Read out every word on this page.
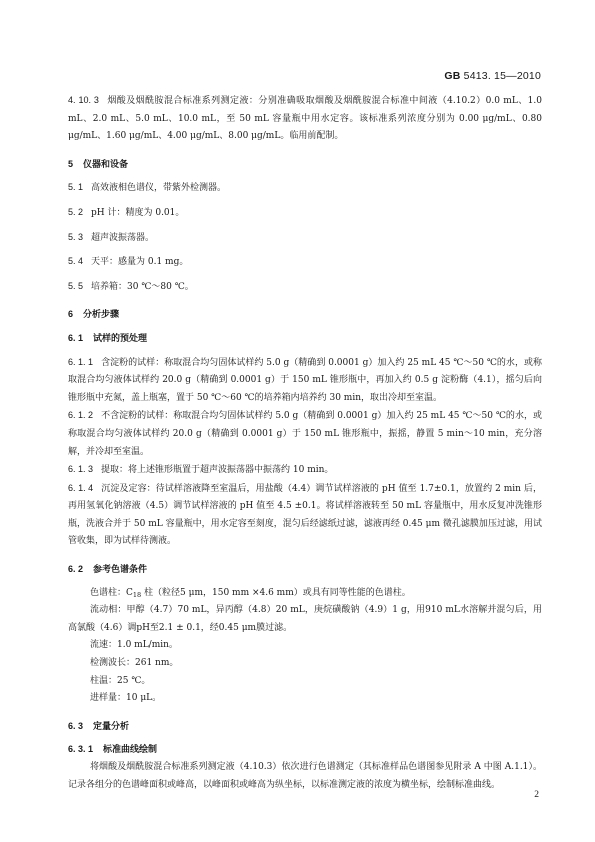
GB 5413. 15—2010

4. 10. 3 烟酸及烟酰胺混合标准系列测定液：分别准确吸取烟酸及烟酰胺混合标准中间液（4.10.2）0.0 mL、1.0 mL、2.0 mL、5.0 mL、10.0 mL，至 50 mL 容量瓶中用水定容。该标准系列浓度分别为 0.00 μg/mL、0.80 μg/mL、1.60 μg/mL、4.00 μg/mL、8.00 μg/mL。临用前配制。

5 仪器和设备

5. 1 高效液相色谱仪，带紫外检测器。

5. 2 pH 计：精度为 0.01。

5. 3 超声波振荡器。

5. 4 天平：感量为 0.1 mg。

5. 5 培养箱：30 ℃～80 ℃。

6 分析步骤

6. 1 试样的预处理

6. 1. 1 含淀粉的试样：称取混合均匀固体试样约 5.0 g（精确到 0.0001 g）加入约 25 mL 45 ℃～50 ℃的水，或称取混合均匀液体试样约 20.0 g（精确到 0.0001 g）于 150 mL 锥形瓶中，再加入约 0.5 g 淀粉酶（4.1），摇匀后向锥形瓶中充氮，盖上瓶塞，置于 50 ℃～60 ℃的培养箱内培养约 30 min，取出冷却至室温。

6. 1. 2 不含淀粉的试样：称取混合均匀固体试样约 5.0 g（精确到 0.0001 g）加入约 25 mL 45 ℃～50 ℃的水，或称取混合均匀液体试样约 20.0 g（精确到 0.0001 g）于 150 mL 锥形瓶中，振摇，静置 5 min～10 min，充分溶解，并冷却至室温。

6. 1. 3 提取：将上述锥形瓶置于超声波振荡器中振荡约 10 min。

6. 1. 4 沉淀及定容：待试样溶液降至室温后，用盐酸（4.4）调节试样溶液的 pH 值至 1.7±0.1，放置约 2 min 后，再用氢氧化钠溶液（4.5）调节试样溶液的 pH 值至 4.5 ±0.1。将试样溶液转至 50 mL 容量瓶中，用水反复冲洗锥形瓶，洗液合并于 50 mL 容量瓶中，用水定容至刻度，混匀后经滤纸过滤，滤液再经 0.45 μm 微孔滤膜加压过滤，用试管收集，即为试样待测液。

6. 2 参考色谱条件

色谱柱：$C_{18}$ 柱（粒径5 μm，150 mm ×4.6 mm）或具有同等性能的色谱柱。

流动相：甲醇（4.7）70 mL，异丙醇（4.8）20 mL，庚烷磺酸钠（4.9）1 g，用910 mL水溶解并混匀后，用高氯酸（4.6）调pH至2.1 ± 0.1，经0.45 μm膜过滤。

流速：1.0 mL/min。

检测波长：261 nm。

柱温：25 ℃。

进样量：10 μL。

6. 3 定量分析

6. 3. 1 标准曲线绘制

将烟酸及烟酰胺混合标准系列测定液（4.10.3）依次进行色谱测定（其标准样品色谱图参见附录 A 中图 A.1.1）。记录各组分的色谱峰面积或峰高，以峰面积或峰高为纵坐标，以标准测定液的浓度为横坐标，绘制标准曲线。

2
